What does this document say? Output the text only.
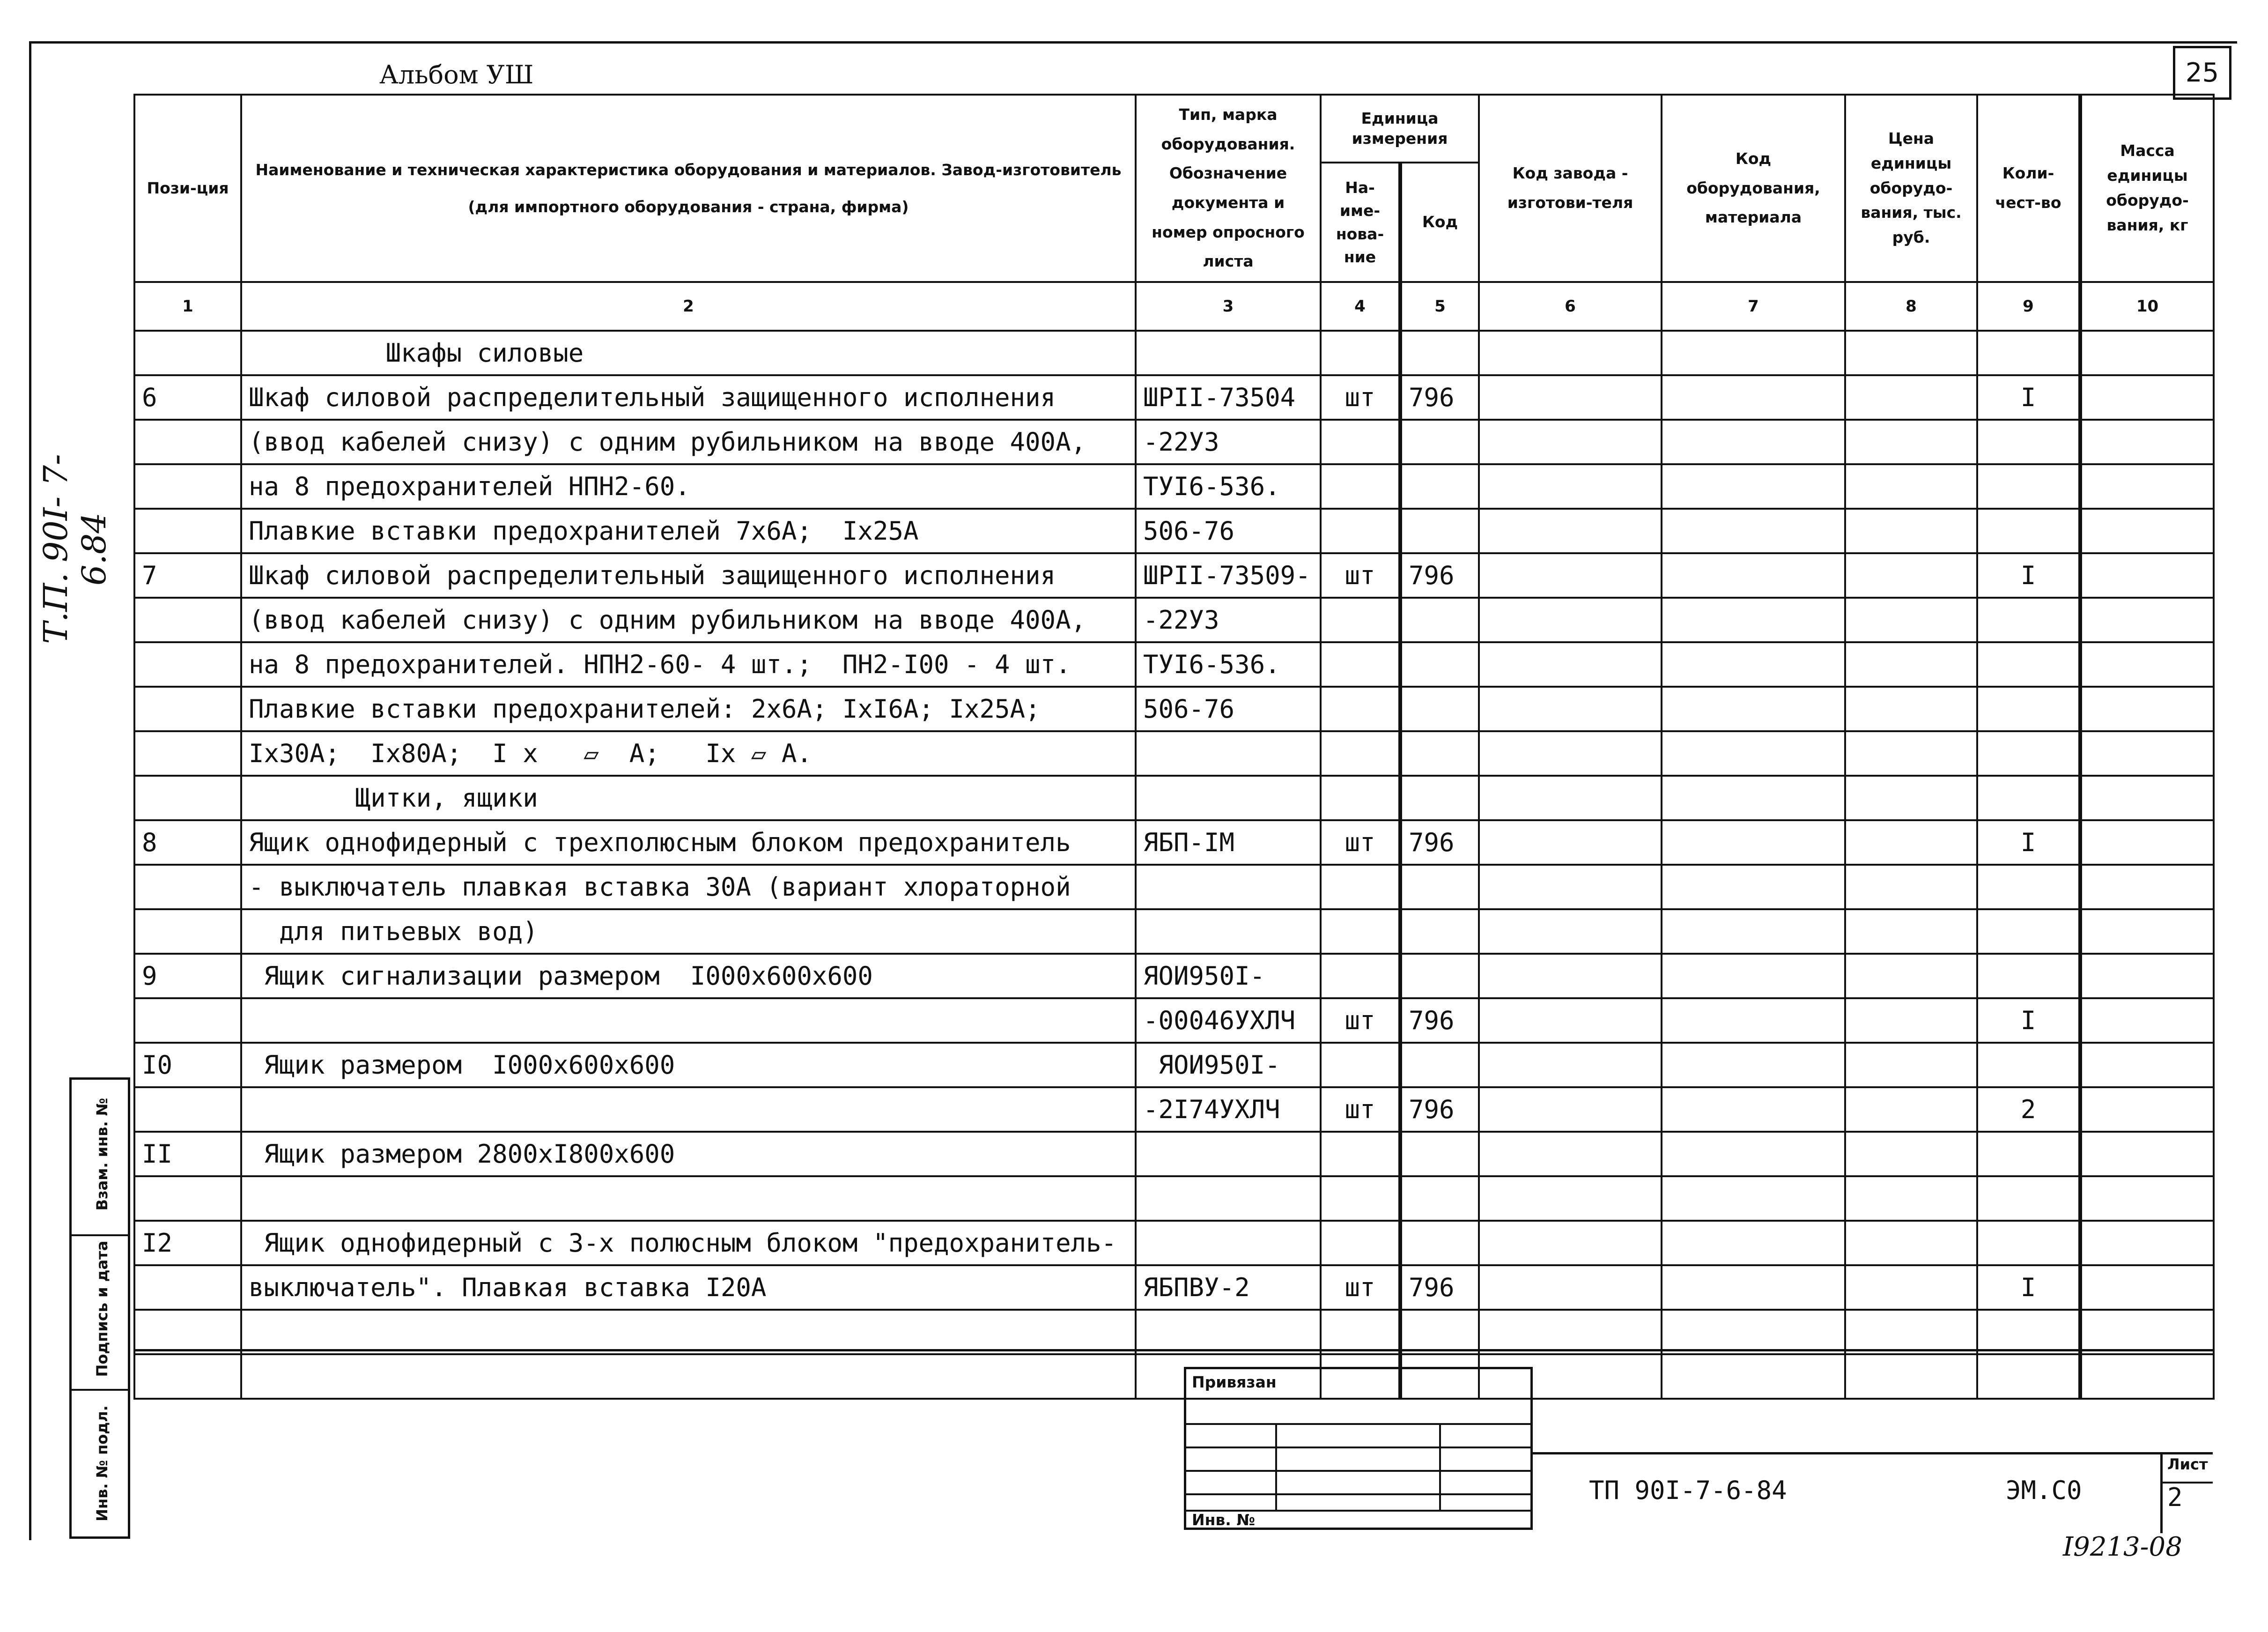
Альбом УШ	25
Пози-ция	Наименование и техническая характеристика оборудования и материалов. Завод-изготовитель (для импортного оборудования - страна, фирма)	Тип, марка оборудования. Обозначение документа и номер опросного листа	Единица измерения		Код завода - изготови-теля	Код оборудования, материала	Цена единицы оборудо-вания, тыс. руб.	Коли-чест-во	Масса единицы оборудо-вания, кг
			На-име-нова-ние	Код					
1	2	3	4	5	6	7	8	9	10
	Шкафы силовые								
6	Шкаф силовой распределительный защищенного исполнения	ШРII-73504	шт	796				I	
	(ввод кабелей снизу) с одним рубильником на вводе 400А,	-22У3							
	на 8 предохранителей НПН2-60.	ТУI6-536.							
	Плавкие вставки предохранителей 7х6А;  Iх25А	506-76							
7	Шкаф силовой распределительный защищенного исполнения	ШРII-73509-	шт	796				I	
	(ввод кабелей снизу) с одним рубильником на вводе 400А,	-22У3							
	на 8 предохранителей. НПН2-60- 4 шт.;  ПН2-I00 - 4 шт.	ТУI6-536.							
	Плавкие вставки предохранителей: 2х6А; IхI6А; Iх25А;	506-76							
	Iх30А;  Iх80А;  I х   ▱  А;   Iх ▱ А.								
	Щитки, ящики								
8	Ящик однофидерный с трехполюсным блоком предохранитель	ЯБП-IМ	шт	796				I	
	- выключатель плавкая вставка 30А (вариант хлораторной								
	для питьевых вод)								
9	Ящик сигнализации размером  I000х600х600	ЯОИ950I-							
		-00046УХЛЧ	шт	796				I	
I0	Ящик размером  I000х600х600	ЯОИ950I-							
		-2I74УХЛЧ	шт	796				2	
II	Ящик размером 2800хI800х600								

I2	Ящик однофидерный с 3-х полюсным блоком "предохранитель-								
	выключатель". Плавкая вставка I20А	ЯБПВУ-2	шт	796				I	

Взам. инв. №
Подпись и дата
Инв. № подл.
Т.П. 90I- 7-6.84
Привязан
Инв. №
ТП 90I-7-6-84	ЭМ.С0
Лист
2
I9213-08
